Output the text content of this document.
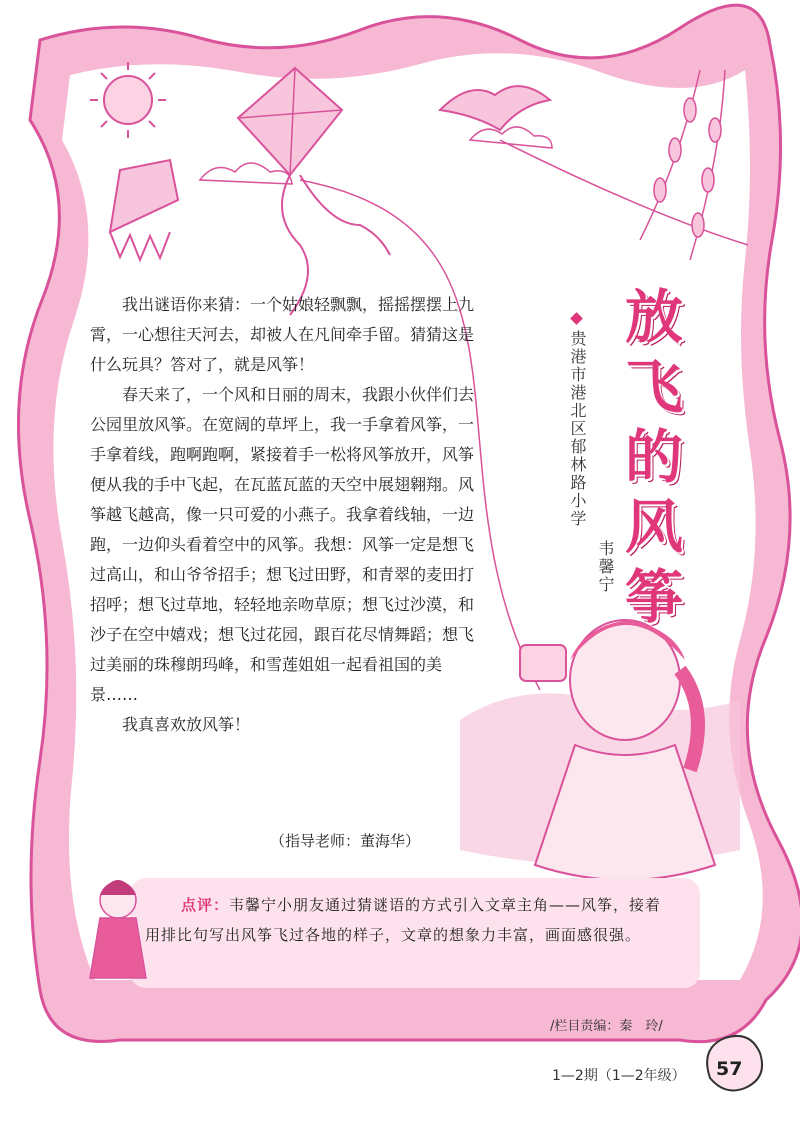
贵港市港北区郁林路小学
韦馨宁
放
飞
的
风
筝

我出谜语你来猜：一个姑娘轻飘飘，摇摇摆摆上九霄，一心想往天河去，却被人在凡间牵手留。猜猜这是什么玩具？答对了，就是风筝！

春天来了，一个风和日丽的周末，我跟小伙伴们去公园里放风筝。在宽阔的草坪上，我一手拿着风筝，一手拿着线，跑啊跑啊，紧接着手一松将风筝放开，风筝便从我的手中飞起，在瓦蓝瓦蓝的天空中展翅翱翔。风筝越飞越高，像一只可爱的小燕子。我拿着线轴，一边跑，一边仰头看着空中的风筝。我想：风筝一定是想飞过高山，和山爷爷招手；想飞过田野，和青翠的麦田打招呼；想飞过草地，轻轻地亲吻草原；想飞过沙漠，和沙子在空中嬉戏；想飞过花园，跟百花尽情舞蹈；想飞过美丽的珠穆朗玛峰，和雪莲姐姐一起看祖国的美景……

我真喜欢放风筝！

（指导老师：董海华）
点评：韦馨宁小朋友通过猜谜语的方式引入文章主角——风筝，接着用排比句写出风筝飞过各地的样子，文章的想象力丰富，画面感很强。
/栏目责编：秦　玲/
1—2期（1—2年级） 57
